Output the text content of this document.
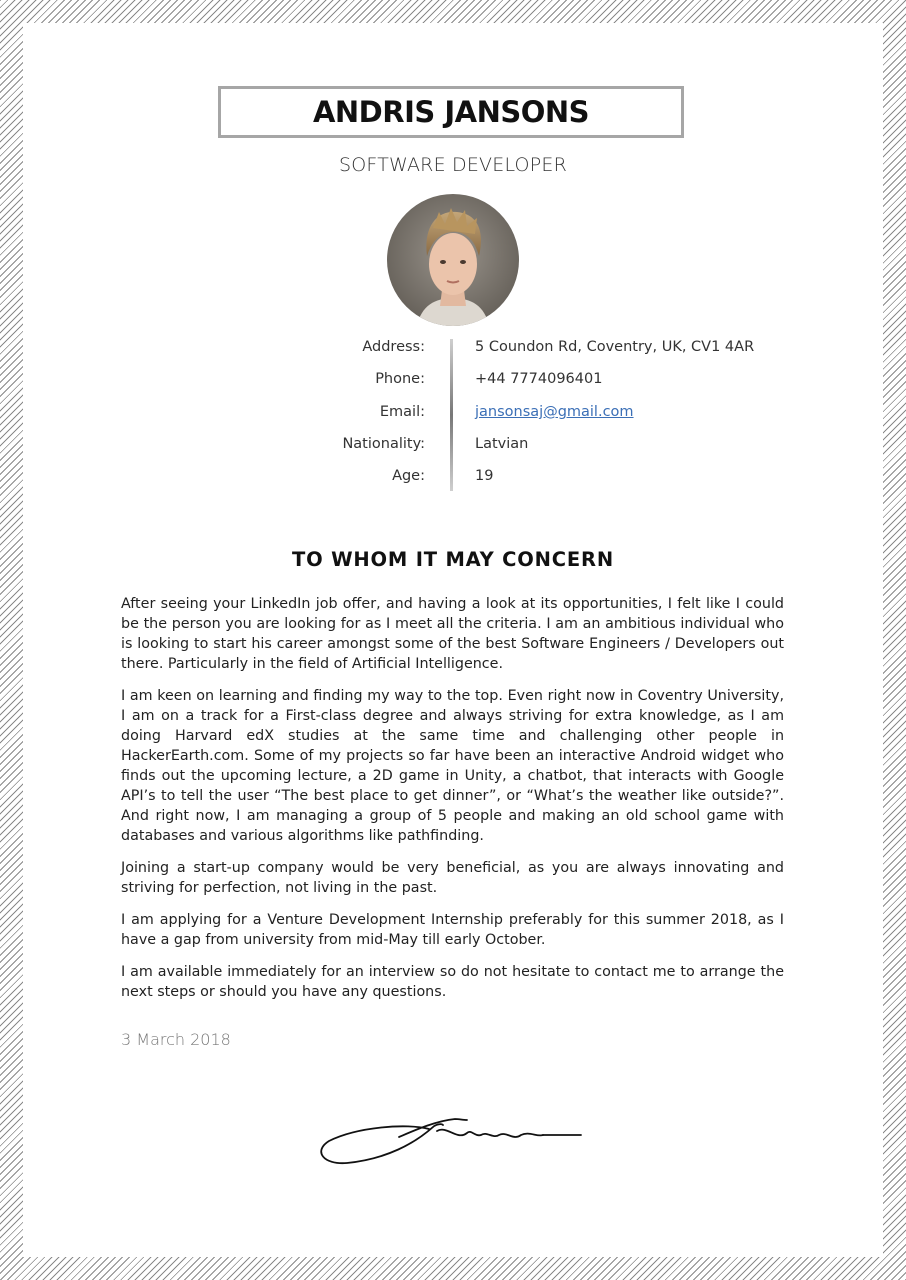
ANDRIS JANSONS
SOFTWARE DEVELOPER
Address:	5 Coundon Rd, Coventry, UK, CV1 4AR
Phone:	+44 7774096401
Email:	jansonsaj@gmail.com
Nationality:	Latvian
Age:	19
TO WHOM IT MAY CONCERN

After seeing your LinkedIn job offer, and having a look at its opportunities, I felt like I could be the person you are looking for as I meet all the criteria. I am an ambitious individual who is looking to start his career amongst some of the best Software Engineers / Developers out there. Particularly in the field of Artificial Intelligence.

I am keen on learning and finding my way to the top. Even right now in Coventry University, I am on a track for a First-class degree and always striving for extra knowledge, as I am doing Harvard edX studies at the same time and challenging other people in HackerEarth.com. Some of my projects so far have been an interactive Android widget who finds out the upcoming lecture, a 2D game in Unity, a chatbot, that interacts with Google API’s to tell the user “The best place to get dinner”, or “What’s the weather like outside?”. And right now, I am managing a group of 5 people and making an old school game with databases and various algorithms like pathfinding.

Joining a start-up company would be very beneficial, as you are always innovating and striving for perfection, not living in the past.

I am applying for a Venture Development Internship preferably for this summer 2018, as I have a gap from university from mid-May till early October.

I am available immediately for an interview so do not hesitate to contact me to arrange the next steps or should you have any questions.

3 March 2018
